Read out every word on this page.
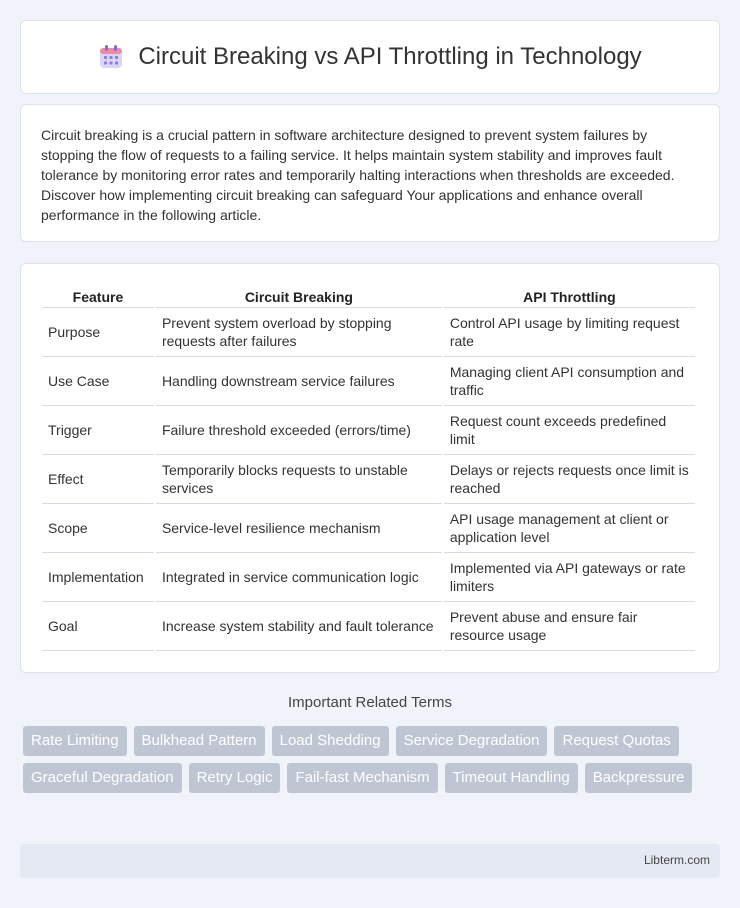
Circuit Breaking vs API Throttling in Technology

Circuit breaking is a crucial pattern in software architecture designed to prevent system failures by stopping the flow of requests to a failing service. It helps maintain system stability and improves fault tolerance by monitoring error rates and temporarily halting interactions when thresholds are exceeded. Discover how implementing circuit breaking can safeguard Your applications and enhance overall performance in the following article.

Feature	Circuit Breaking	API Throttling
Purpose	Prevent system overload by stopping requests after failures	Control API usage by limiting request rate
Use Case	Handling downstream service failures	Managing client API consumption and traffic
Trigger	Failure threshold exceeded (errors/time)	Request count exceeds predefined limit
Effect	Temporarily blocks requests to unstable services	Delays or rejects requests once limit is reached
Scope	Service-level resilience mechanism	API usage management at client or application level
Implementation	Integrated in service communication logic	Implemented via API gateways or rate limiters
Goal	Increase system stability and fault tolerance	Prevent abuse and ensure fair resource usage
Important Related Terms
Rate Limiting	Bulkhead Pattern	Load Shedding	Service Degradation	Request Quotas
Graceful Degradation	Retry Logic	Fail-fast Mechanism	Timeout Handling	Backpressure
Libterm.com
